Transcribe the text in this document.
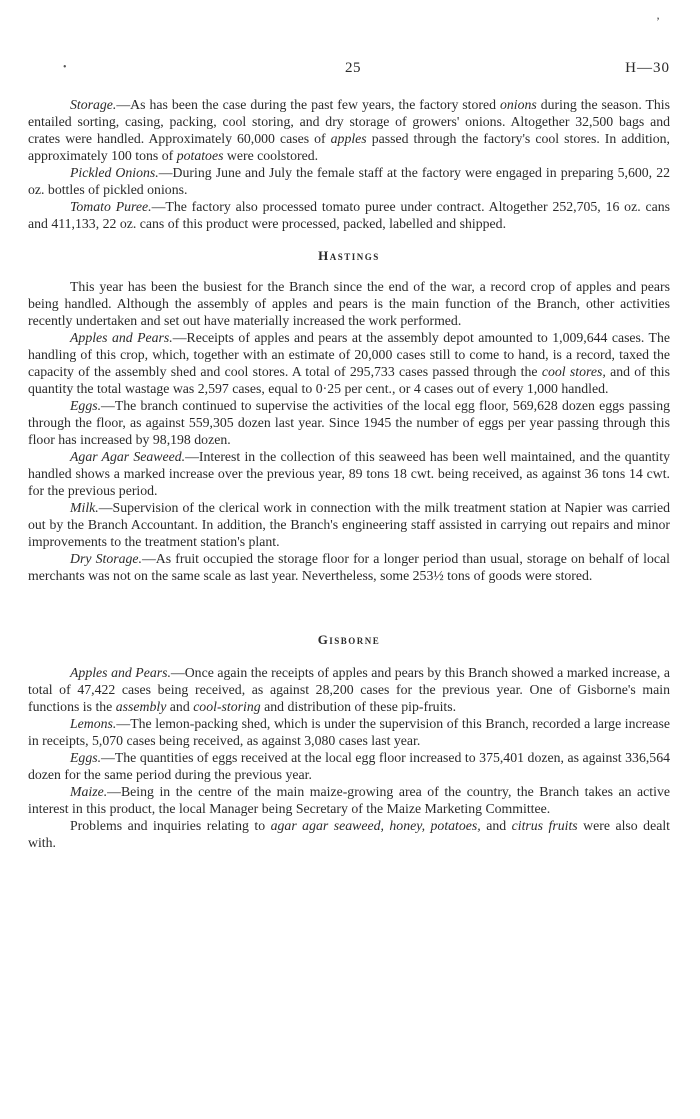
•
’
25	H—30

Storage.—As has been the case during the past few years, the factory stored onions during the season. This entailed sorting, casing, packing, cool storing, and dry storage of growers' onions. Altogether 32,500 bags and crates were handled. Approximately 60,000 cases of apples passed through the factory's cool stores. In addition, approximately 100 tons of potatoes were coolstored.

Pickled Onions.—During June and July the female staff at the factory were engaged in preparing 5,600, 22 oz. bottles of pickled onions.

Tomato Puree.—The factory also processed tomato puree under contract. Altogether 252,705, 16 oz. cans and 411,133, 22 oz. cans of this product were processed, packed, labelled and shipped.

Hastings

This year has been the busiest for the Branch since the end of the war, a record crop of apples and pears being handled. Although the assembly of apples and pears is the main function of the Branch, other activities recently undertaken and set out have materially increased the work performed.

Apples and Pears.—Receipts of apples and pears at the assembly depot amounted to 1,009,644 cases. The handling of this crop, which, together with an estimate of 20,000 cases still to come to hand, is a record, taxed the capacity of the assembly shed and cool stores. A total of 295,733 cases passed through the cool stores, and of this quantity the total wastage was 2,597 cases, equal to 0·25 per cent., or 4 cases out of every 1,000 handled.

Eggs.—The branch continued to supervise the activities of the local egg floor, 569,628 dozen eggs passing through the floor, as against 559,305 dozen last year. Since 1945 the number of eggs per year passing through this floor has increased by 98,198 dozen.

Agar Agar Seaweed.—Interest in the collection of this seaweed has been well maintained, and the quantity handled shows a marked increase over the previous year, 89 tons 18 cwt. being received, as against 36 tons 14 cwt. for the previous period.

Milk.—Supervision of the clerical work in connection with the milk treatment station at Napier was carried out by the Branch Accountant. In addition, the Branch's engineering staff assisted in carrying out repairs and minor improvements to the treatment station's plant.

Dry Storage.—As fruit occupied the storage floor for a longer period than usual, storage on behalf of local merchants was not on the same scale as last year. Nevertheless, some 253½ tons of goods were stored.

Gisborne

Apples and Pears.—Once again the receipts of apples and pears by this Branch showed a marked increase, a total of 47,422 cases being received, as against 28,200 cases for the previous year. One of Gisborne's main functions is the assembly and cool-storing and distribution of these pip-fruits.

Lemons.—The lemon-packing shed, which is under the supervision of this Branch, recorded a large increase in receipts, 5,070 cases being received, as against 3,080 cases last year.

Eggs.—The quantities of eggs received at the local egg floor increased to 375,401 dozen, as against 336,564 dozen for the same period during the previous year.

Maize.—Being in the centre of the main maize-growing area of the country, the Branch takes an active interest in this product, the local Manager being Secretary of the Maize Marketing Committee.

Problems and inquiries relating to agar agar seaweed, honey, potatoes, and citrus fruits were also dealt with.
